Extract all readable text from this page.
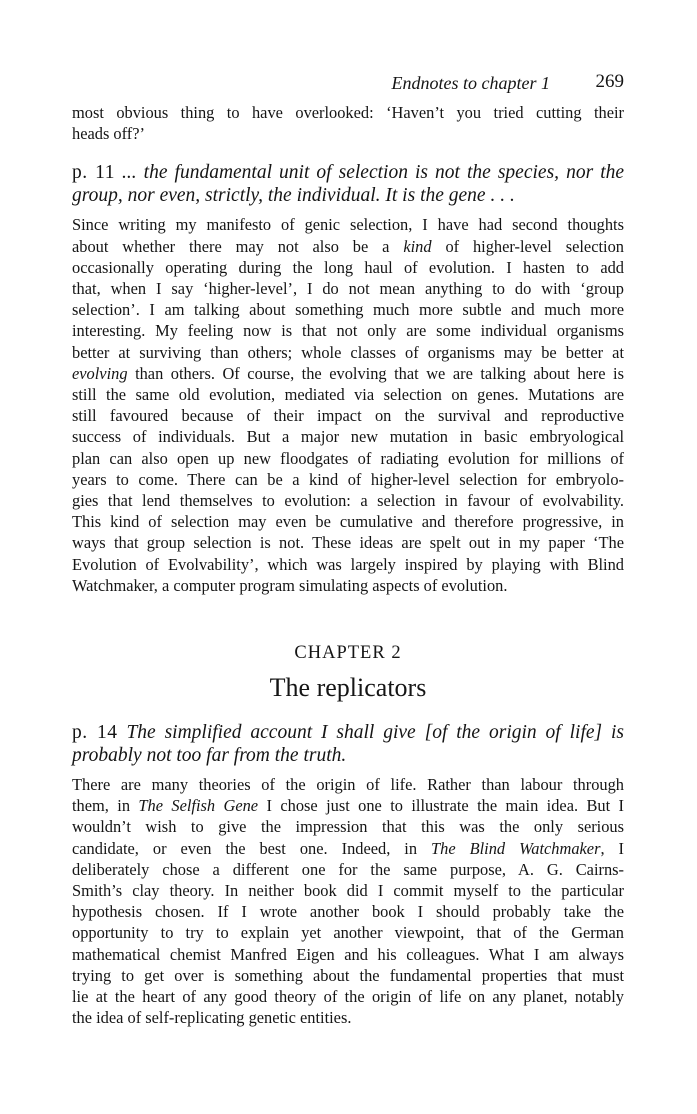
Endnotes to chapter 1 269

most obvious thing to have overlooked: ‘Haven’t you tried cutting their
heads off?’

p. 11 ... the fundamental unit of selection is not the species, nor the
group, nor even, strictly, the individual. It is the gene . . .

Since writing my manifesto of genic selection, I have had second thoughts
about whether there may not also be a kind of higher-level selection
occasionally operating during the long haul of evolution. I hasten to add
that, when I say ‘higher-level’, I do not mean anything to do with ‘group
selection’. I am talking about something much more subtle and much more
interesting. My feeling now is that not only are some individual organisms
better at surviving than others; whole classes of organisms may be better at
evolving than others. Of course, the evolving that we are talking about here is
still the same old evolution, mediated via selection on genes. Mutations are
still favoured because of their impact on the survival and reproductive
success of individuals. But a major new mutation in basic embryological
plan can also open up new floodgates of radiating evolution for millions of
years to come. There can be a kind of higher-level selection for embryolo-
gies that lend themselves to evolution: a selection in favour of evolvability.
This kind of selection may even be cumulative and therefore progressive, in
ways that group selection is not. These ideas are spelt out in my paper ‘The
Evolution of Evolvability’, which was largely inspired by playing with Blind
Watchmaker, a computer program simulating aspects of evolution.

CHAPTER 2
The replicators
p. 14 The simplified account I shall give [of the origin of life] is
probably not too far from the truth.

There are many theories of the origin of life. Rather than labour through
them, in The Selfish Gene I chose just one to illustrate the main idea. But I
wouldn’t wish to give the impression that this was the only serious
candidate, or even the best one. Indeed, in The Blind Watchmaker, I
deliberately chose a different one for the same purpose, A. G. Cairns-
Smith’s clay theory. In neither book did I commit myself to the particular
hypothesis chosen. If I wrote another book I should probably take the
opportunity to try to explain yet another viewpoint, that of the German
mathematical chemist Manfred Eigen and his colleagues. What I am always
trying to get over is something about the fundamental properties that must
lie at the heart of any good theory of the origin of life on any planet, notably
the idea of self-replicating genetic entities.
